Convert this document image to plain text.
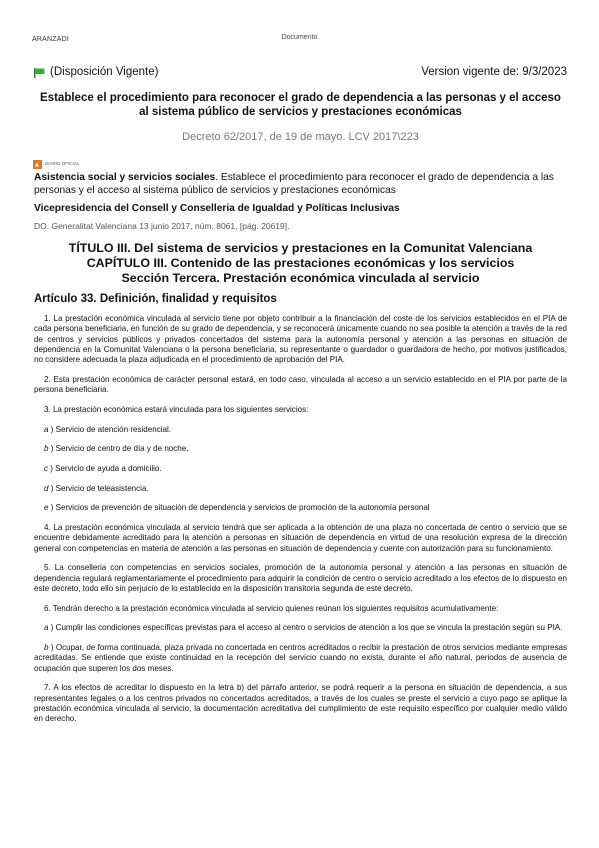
ARANZADI	Documento
(Disposición Vigente)	Version vigente de: 9/3/2023
Establece el procedimiento para reconocer el grado de dependencia a las personas y el acceso al sistema público de servicios y prestaciones económicas
Decreto 62/2017, de 19 de mayo. LCV 2017\223
DIARIO OFICIAL
Asistencia social y servicios sociales. Establece el procedimiento para reconocer el grado de dependencia a las personas y el acceso al sistema público de servicios y prestaciones económicas
Vicepresidencia del Consell y Conselleria de Igualdad y Políticas Inclusivas
DO. Generalitat Valenciana 13 junio 2017, núm. 8061, [pág. 20619].
TÍTULO III. Del sistema de servicios y prestaciones en la Comunitat Valenciana
CAPÍTULO III. Contenido de las prestaciones económicas y los servicios
Sección Tercera. Prestación económica vinculada al servicio
Artículo 33. Definición, finalidad y requisitos

1. La prestación económica vinculada al servicio tiene por objeto contribuir a la financiación del coste de los servicios establecidos en el PIA de cada persona beneficiaria, en función de su grado de dependencia, y se reconocerá únicamente cuando no sea posible la atención a través de la red de centros y servicios públicos y privados concertados del sistema para la autonomía personal y atención a las personas en situación de dependencia en la Comunitat Valenciana o la persona beneficiaria, su representante o guardador o guardadora de hecho, por motivos justificados, no considere adecuada la plaza adjudicada en el procedimiento de aprobación del PIA.

2. Esta prestación económica de carácter personal estará, en todo caso, vinculada al acceso a un servicio establecido en el PIA por parte de la persona beneficiaria.

3. La prestación económica estará vinculada para los siguientes servicios:

a ) Servicio de atención residencial.

b ) Servicio de centro de día y de noche.

c ) Servicio de ayuda a domicilio.

d ) Servicio de teleasistencia.

e ) Servicios de prevención de situación de dependencia y servicios de promoción de la autonomía personal

4. La prestación económica vinculada al servicio tendrá que ser aplicada a la obtención de una plaza no concertada de centro o servicio que se encuentre debidamente acreditado para la atención a personas en situación de dependencia en virtud de una resolución expresa de la dirección general con competencias en materia de atención a las personas en situación de dependencia y cuente con autorización para su funcionamiento.

5. La conselleria con competencias en servicios sociales, promoción de la autonomía personal y atención a las personas en situación de dependencia regulará reglamentariamente el procedimiento para adquirir la condición de centro o servicio acreditado a los efectos de lo dispuesto en este decreto, todo ello sin perjuicio de lo establecido en la disposición transitoria segunda de este decreto.

6. Tendrán derecho a la prestación económica vinculada al servicio quienes reúnan los siguientes requisitos acumulativamente:

a ) Cumplir las condiciones específicas previstas para el acceso al centro o servicios de atención a los que se vincula la prestación según su PIA.

b ) Ocupar, de forma continuada, plaza privada no concertada en centros acreditados o recibir la prestación de otros servicios mediante empresas acreditadas. Se entiende que existe continuidad en la recepción del servicio cuando no exista, durante el año natural, periodos de ausencia de ocupación que superen los dos meses.

7. A los efectos de acreditar lo dispuesto en la letra b) del párrafo anterior, se podrá requerir a la persona en situación de dependencia, a sus representantes legales o a los centros privados no concertados acreditados, a través de los cuales se preste el servicio a cuyo pago se aplique la prestación económica vinculada al servicio, la documentación acreditativa del cumplimiento de este requisito específico por cualquier medio válido en derecho.
